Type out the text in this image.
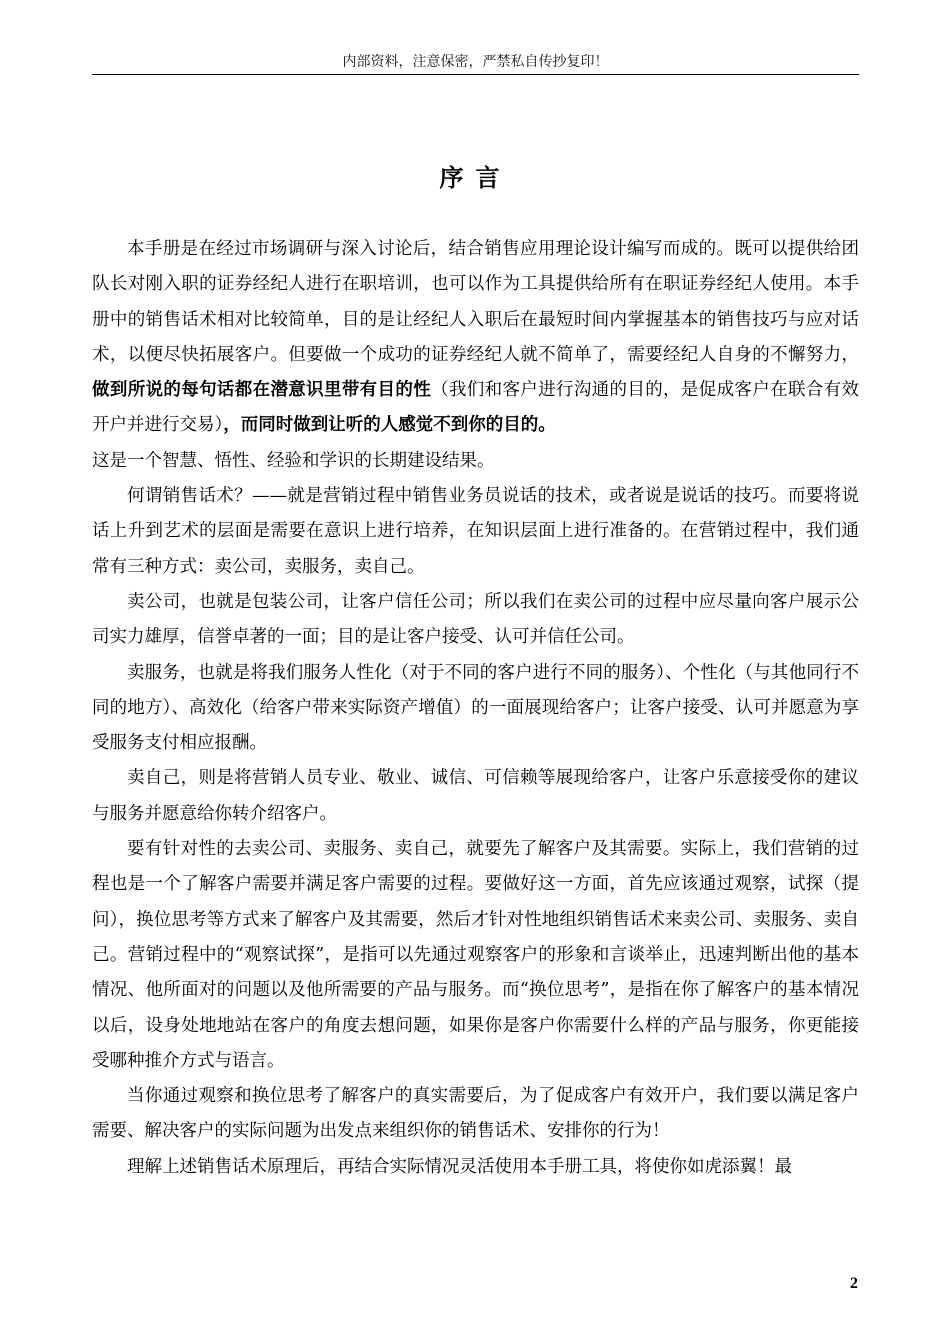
内部资料，注意保密，严禁私自传抄复印！
序言

本手册是在经过市场调研与深入讨论后，结合销售应用理论设计编写而成的。既可以提供给团队长对刚入职的证券经纪人进行在职培训，也可以作为工具提供给所有在职证券经纪人使用。本手册中的销售话术相对比较简单，目的是让经纪人入职后在最短时间内掌握基本的销售技巧与应对话术，以便尽快拓展客户。但要做一个成功的证券经纪人就不简单了，需要经纪人自身的不懈努力，做到所说的每句话都在潜意识里带有目的性（我们和客户进行沟通的目的，是促成客户在联合有效开户并进行交易），而同时做到让听的人感觉不到你的目的。
这是一个智慧、悟性、经验和学识的长期建设结果。

何谓销售话术？——就是营销过程中销售业务员说话的技术，或者说是说话的技巧。而要将说话上升到艺术的层面是需要在意识上进行培养，在知识层面上进行准备的。在营销过程中，我们通常有三种方式：卖公司，卖服务，卖自己。

卖公司，也就是包装公司，让客户信任公司；所以我们在卖公司的过程中应尽量向客户展示公司实力雄厚，信誉卓著的一面；目的是让客户接受、认可并信任公司。

卖服务，也就是将我们服务人性化（对于不同的客户进行不同的服务）、个性化（与其他同行不同的地方）、高效化（给客户带来实际资产增值）的一面展现给客户；让客户接受、认可并愿意为享受服务支付相应报酬。

卖自己，则是将营销人员专业、敬业、诚信、可信赖等展现给客户，让客户乐意接受你的建议与服务并愿意给你转介绍客户。

要有针对性的去卖公司、卖服务、卖自己，就要先了解客户及其需要。实际上，我们营销的过程也是一个了解客户需要并满足客户需要的过程。要做好这一方面，首先应该通过观察，试探（提问），换位思考等方式来了解客户及其需要，然后才针对性地组织销售话术来卖公司、卖服务、卖自己。营销过程中的“观察试探”，是指可以先通过观察客户的形象和言谈举止，迅速判断出他的基本情况、他所面对的问题以及他所需要的产品与服务。而“换位思考”，是指在你了解客户的基本情况以后，设身处地地站在客户的角度去想问题，如果你是客户你需要什么样的产品与服务，你更能接受哪种推介方式与语言。

当你通过观察和换位思考了解客户的真实需要后，为了促成客户有效开户，我们要以满足客户需要、解决客户的实际问题为出发点来组织你的销售话术、安排你的行为！

理解上述销售话术原理后，再结合实际情况灵活使用本手册工具，将使你如虎添翼！最

2
